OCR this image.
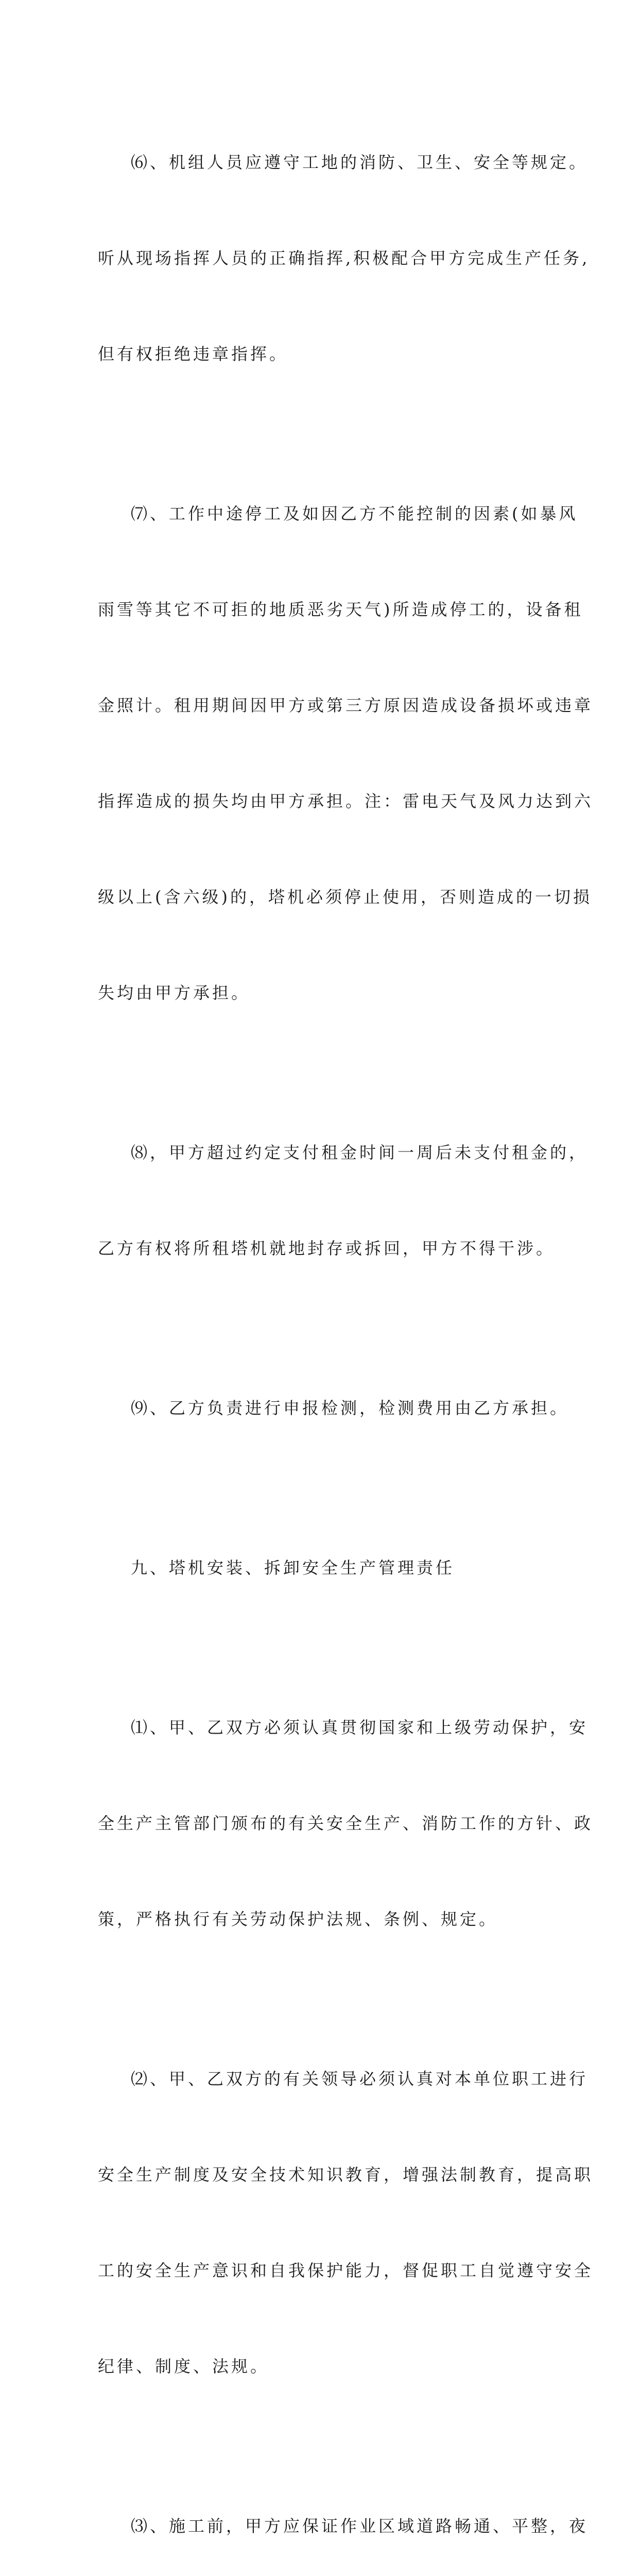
⑹、机组人员应遵守工地的消防、卫生、安全等规定。

听从现场指挥人员的正确指挥,积极配合甲方完成生产任务,

但有权拒绝违章指挥。

⑺、工作中途停工及如因乙方不能控制的因素(如暴风

雨雪等其它不可拒的地质恶劣天气)所造成停工的，设备租

金照计。租用期间因甲方或第三方原因造成设备损坏或违章

指挥造成的损失均由甲方承担。注：雷电天气及风力达到六

级以上(含六级)的，塔机必须停止使用，否则造成的一切损

失均由甲方承担。

⑻，甲方超过约定支付租金时间一周后未支付租金的，

乙方有权将所租塔机就地封存或拆回，甲方不得干涉。

⑼、乙方负责进行申报检测，检测费用由乙方承担。

九、塔机安装、拆卸安全生产管理责任

⑴、甲、乙双方必须认真贯彻国家和上级劳动保护，安

全生产主管部门颁布的有关安全生产、消防工作的方针、政

策，严格执行有关劳动保护法规、条例、规定。

⑵、甲、乙双方的有关领导必须认真对本单位职工进行

安全生产制度及安全技术知识教育，增强法制教育，提高职

工的安全生产意识和自我保护能力，督促职工自觉遵守安全

纪律、制度、法规。

⑶、施工前，甲方应保证作业区域道路畅通、平整，夜
